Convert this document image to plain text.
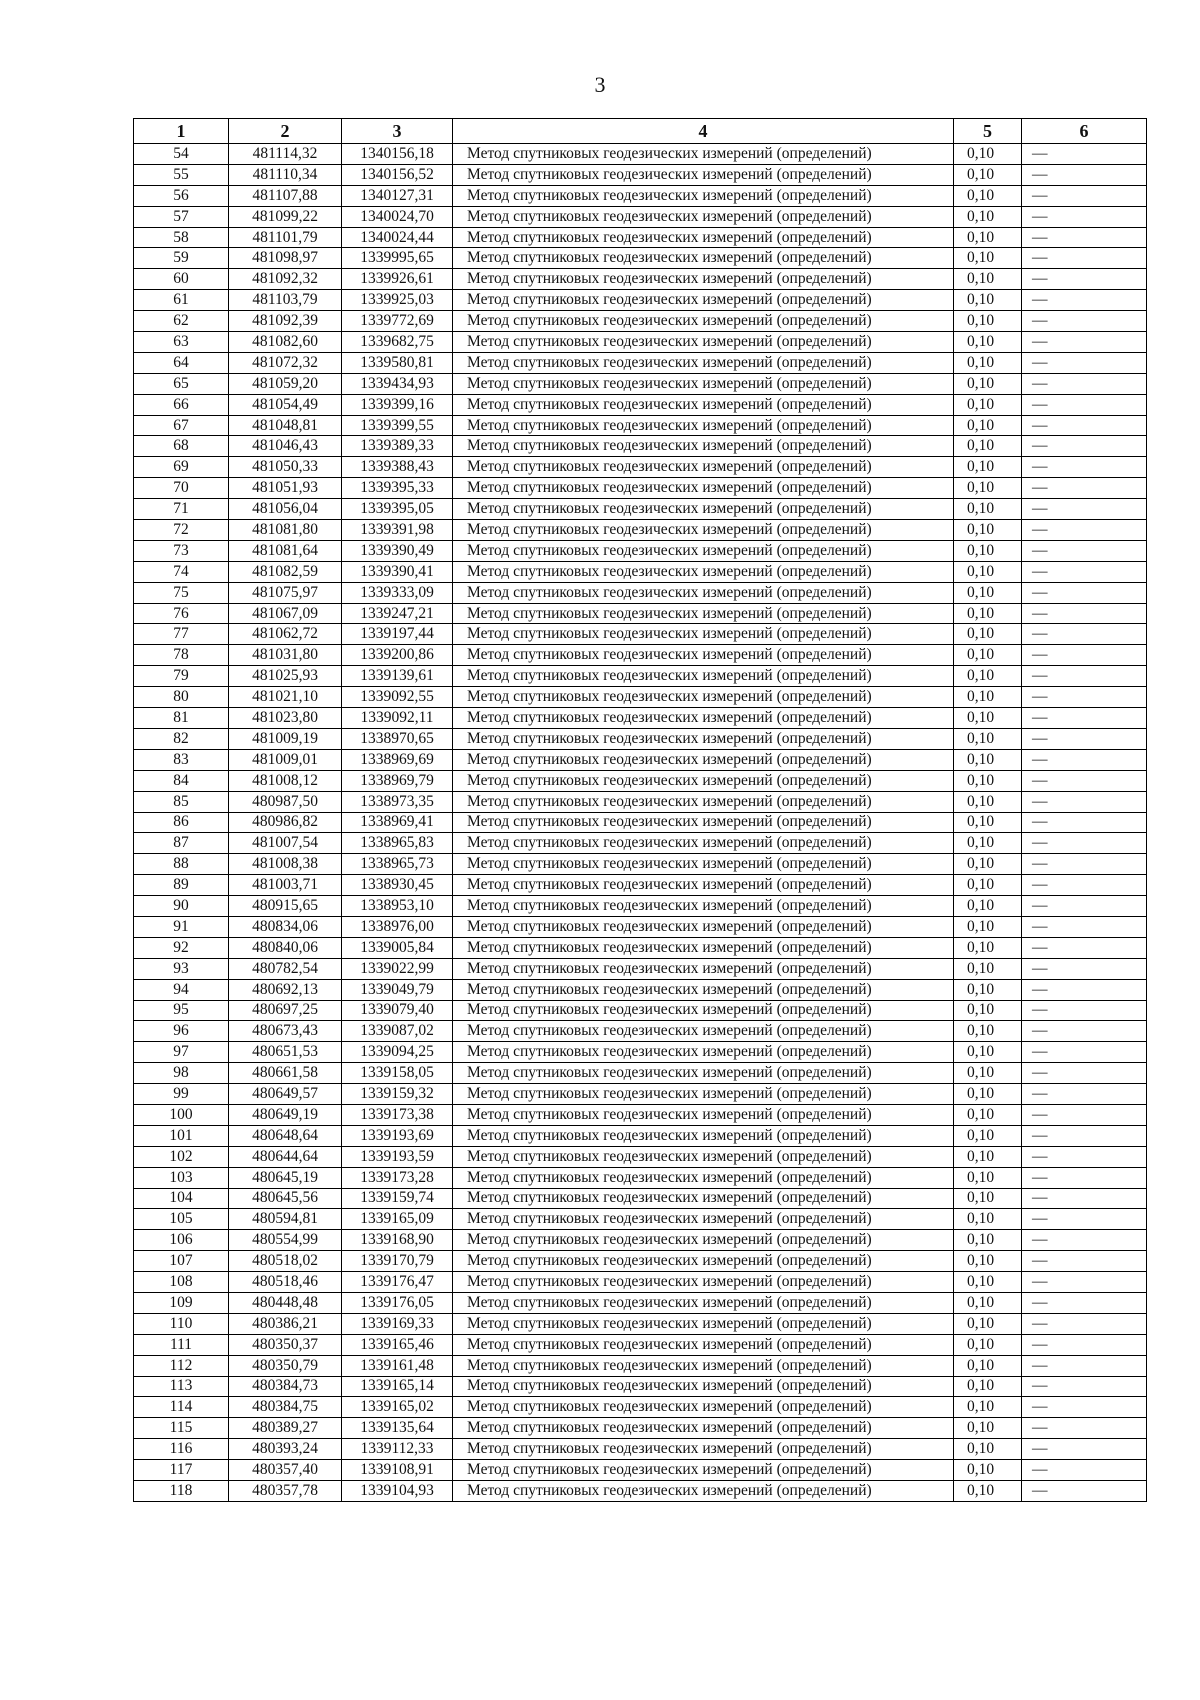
3
1	2	3	4	5	6
54	481114,32	1340156,18	Метод спутниковых геодезических измерений (определений)	0,10	—
55	481110,34	1340156,52	Метод спутниковых геодезических измерений (определений)	0,10	—
56	481107,88	1340127,31	Метод спутниковых геодезических измерений (определений)	0,10	—
57	481099,22	1340024,70	Метод спутниковых геодезических измерений (определений)	0,10	—
58	481101,79	1340024,44	Метод спутниковых геодезических измерений (определений)	0,10	—
59	481098,97	1339995,65	Метод спутниковых геодезических измерений (определений)	0,10	—
60	481092,32	1339926,61	Метод спутниковых геодезических измерений (определений)	0,10	—
61	481103,79	1339925,03	Метод спутниковых геодезических измерений (определений)	0,10	—
62	481092,39	1339772,69	Метод спутниковых геодезических измерений (определений)	0,10	—
63	481082,60	1339682,75	Метод спутниковых геодезических измерений (определений)	0,10	—
64	481072,32	1339580,81	Метод спутниковых геодезических измерений (определений)	0,10	—
65	481059,20	1339434,93	Метод спутниковых геодезических измерений (определений)	0,10	—
66	481054,49	1339399,16	Метод спутниковых геодезических измерений (определений)	0,10	—
67	481048,81	1339399,55	Метод спутниковых геодезических измерений (определений)	0,10	—
68	481046,43	1339389,33	Метод спутниковых геодезических измерений (определений)	0,10	—
69	481050,33	1339388,43	Метод спутниковых геодезических измерений (определений)	0,10	—
70	481051,93	1339395,33	Метод спутниковых геодезических измерений (определений)	0,10	—
71	481056,04	1339395,05	Метод спутниковых геодезических измерений (определений)	0,10	—
72	481081,80	1339391,98	Метод спутниковых геодезических измерений (определений)	0,10	—
73	481081,64	1339390,49	Метод спутниковых геодезических измерений (определений)	0,10	—
74	481082,59	1339390,41	Метод спутниковых геодезических измерений (определений)	0,10	—
75	481075,97	1339333,09	Метод спутниковых геодезических измерений (определений)	0,10	—
76	481067,09	1339247,21	Метод спутниковых геодезических измерений (определений)	0,10	—
77	481062,72	1339197,44	Метод спутниковых геодезических измерений (определений)	0,10	—
78	481031,80	1339200,86	Метод спутниковых геодезических измерений (определений)	0,10	—
79	481025,93	1339139,61	Метод спутниковых геодезических измерений (определений)	0,10	—
80	481021,10	1339092,55	Метод спутниковых геодезических измерений (определений)	0,10	—
81	481023,80	1339092,11	Метод спутниковых геодезических измерений (определений)	0,10	—
82	481009,19	1338970,65	Метод спутниковых геодезических измерений (определений)	0,10	—
83	481009,01	1338969,69	Метод спутниковых геодезических измерений (определений)	0,10	—
84	481008,12	1338969,79	Метод спутниковых геодезических измерений (определений)	0,10	—
85	480987,50	1338973,35	Метод спутниковых геодезических измерений (определений)	0,10	—
86	480986,82	1338969,41	Метод спутниковых геодезических измерений (определений)	0,10	—
87	481007,54	1338965,83	Метод спутниковых геодезических измерений (определений)	0,10	—
88	481008,38	1338965,73	Метод спутниковых геодезических измерений (определений)	0,10	—
89	481003,71	1338930,45	Метод спутниковых геодезических измерений (определений)	0,10	—
90	480915,65	1338953,10	Метод спутниковых геодезических измерений (определений)	0,10	—
91	480834,06	1338976,00	Метод спутниковых геодезических измерений (определений)	0,10	—
92	480840,06	1339005,84	Метод спутниковых геодезических измерений (определений)	0,10	—
93	480782,54	1339022,99	Метод спутниковых геодезических измерений (определений)	0,10	—
94	480692,13	1339049,79	Метод спутниковых геодезических измерений (определений)	0,10	—
95	480697,25	1339079,40	Метод спутниковых геодезических измерений (определений)	0,10	—
96	480673,43	1339087,02	Метод спутниковых геодезических измерений (определений)	0,10	—
97	480651,53	1339094,25	Метод спутниковых геодезических измерений (определений)	0,10	—
98	480661,58	1339158,05	Метод спутниковых геодезических измерений (определений)	0,10	—
99	480649,57	1339159,32	Метод спутниковых геодезических измерений (определений)	0,10	—
100	480649,19	1339173,38	Метод спутниковых геодезических измерений (определений)	0,10	—
101	480648,64	1339193,69	Метод спутниковых геодезических измерений (определений)	0,10	—
102	480644,64	1339193,59	Метод спутниковых геодезических измерений (определений)	0,10	—
103	480645,19	1339173,28	Метод спутниковых геодезических измерений (определений)	0,10	—
104	480645,56	1339159,74	Метод спутниковых геодезических измерений (определений)	0,10	—
105	480594,81	1339165,09	Метод спутниковых геодезических измерений (определений)	0,10	—
106	480554,99	1339168,90	Метод спутниковых геодезических измерений (определений)	0,10	—
107	480518,02	1339170,79	Метод спутниковых геодезических измерений (определений)	0,10	—
108	480518,46	1339176,47	Метод спутниковых геодезических измерений (определений)	0,10	—
109	480448,48	1339176,05	Метод спутниковых геодезических измерений (определений)	0,10	—
110	480386,21	1339169,33	Метод спутниковых геодезических измерений (определений)	0,10	—
111	480350,37	1339165,46	Метод спутниковых геодезических измерений (определений)	0,10	—
112	480350,79	1339161,48	Метод спутниковых геодезических измерений (определений)	0,10	—
113	480384,73	1339165,14	Метод спутниковых геодезических измерений (определений)	0,10	—
114	480384,75	1339165,02	Метод спутниковых геодезических измерений (определений)	0,10	—
115	480389,27	1339135,64	Метод спутниковых геодезических измерений (определений)	0,10	—
116	480393,24	1339112,33	Метод спутниковых геодезических измерений (определений)	0,10	—
117	480357,40	1339108,91	Метод спутниковых геодезических измерений (определений)	0,10	—
118	480357,78	1339104,93	Метод спутниковых геодезических измерений (определений)	0,10	—
